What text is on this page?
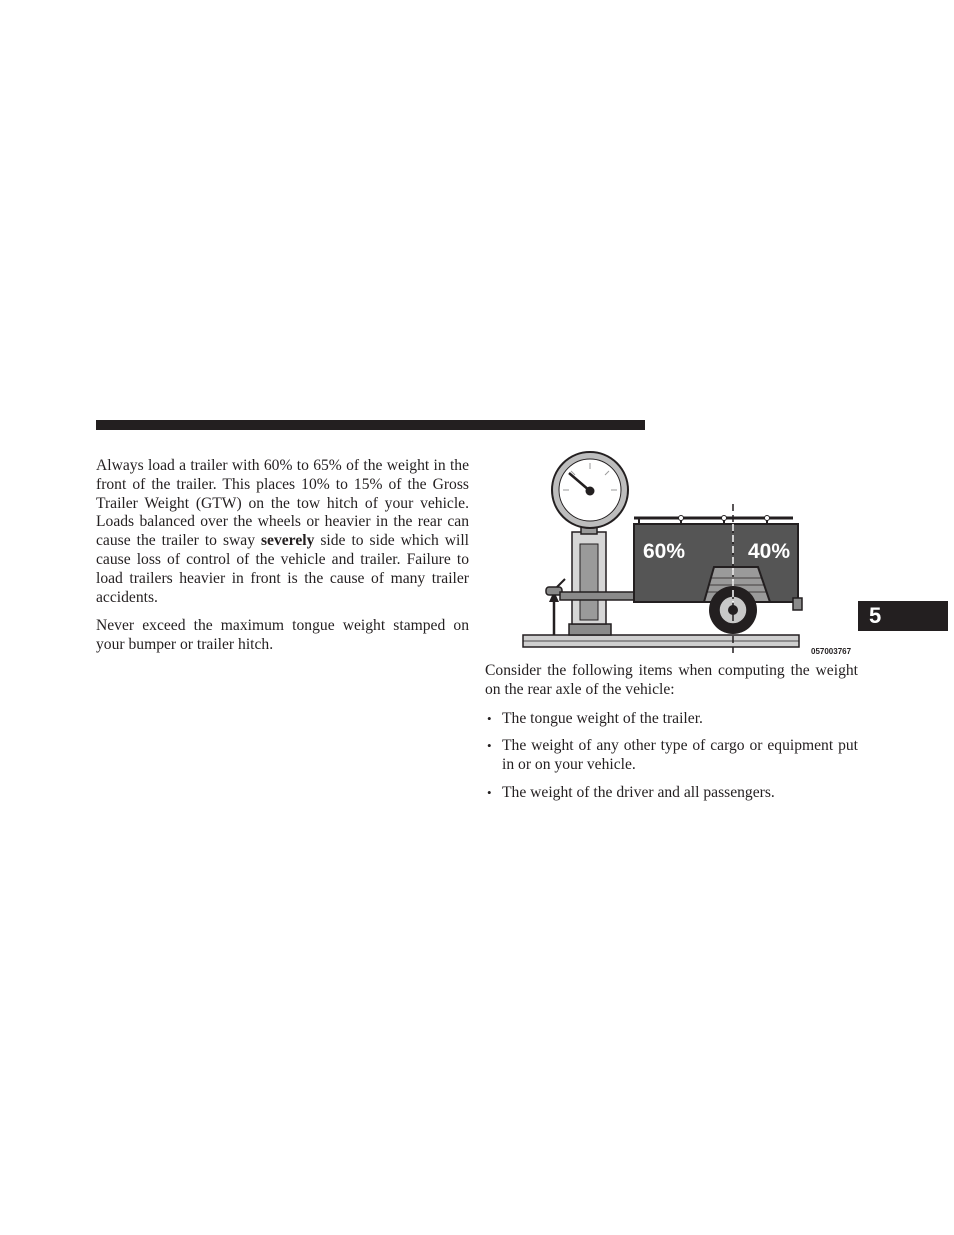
Always load a trailer with 60% to 65% of the weight in the front of the trailer. This places 10% to 15% of the Gross Trailer Weight (GTW) on the tow hitch of your vehicle. Loads balanced over the wheels or heavier in the rear can cause the trailer to sway severely side to side which will cause loss of control of the vehicle and trailer. Failure to load trailers heavier in front is the cause of many trailer accidents.

Never exceed the maximum tongue weight stamped on your bumper or trailer hitch.

60%	40%
057003767

Consider the following items when computing the weight on the rear axle of the vehicle:

• The tongue weight of the trailer.
• The weight of any other type of cargo or equipment put in or on your vehicle.
• The weight of the driver and all passengers.
5
